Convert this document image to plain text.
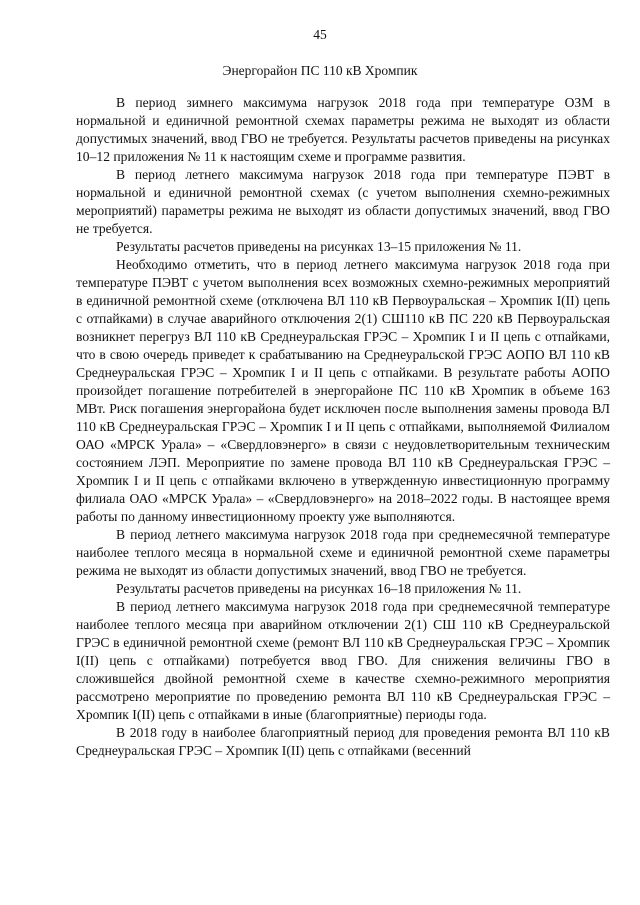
45
Энергорайон ПС 110 кВ Хромпик

В период зимнего максимума нагрузок 2018 года при температуре ОЗМ в нормальной и единичной ремонтной схемах параметры режима не выходят из области допустимых значений, ввод ГВО не требуется. Результаты расчетов приведены на рисунках 10–12 приложения № 11 к настоящим схеме и программе развития.

В период летнего максимума нагрузок 2018 года при температуре ПЭВТ в нормальной и единичной ремонтной схемах (с учетом выполнения схемно-режимных мероприятий) параметры режима не выходят из области допустимых значений, ввод ГВО не требуется.

Результаты расчетов приведены на рисунках 13–15 приложения № 11.

Необходимо отметить, что в период летнего максимума нагрузок 2018 года при температуре ПЭВТ с учетом выполнения всех возможных схемно-режимных мероприятий в единичной ремонтной схеме (отключена ВЛ 110 кВ Первоуральская – Хромпик I(II) цепь с отпайками) в случае аварийного отключения 2(1) СШ110 кВ ПС 220 кВ Первоуральская возникнет перегруз ВЛ 110 кВ Среднеуральская ГРЭС – Хромпик I и II цепь с отпайками, что в свою очередь приведет к срабатыванию на Среднеуральской ГРЭС АОПО ВЛ 110 кВ Среднеуральская ГРЭС – Хромпик I и II цепь с отпайками. В результате работы АОПО произойдет погашение потребителей в энергорайоне ПС 110 кВ Хромпик в объеме 163 МВт. Риск погашения энергорайона будет исключен после выполнения замены провода ВЛ 110 кВ Среднеуральская ГРЭС – Хромпик I и II цепь с отпайками, выполняемой Филиалом ОАО «МРСК Урала» – «Свердловэнерго» в связи с неудовлетворительным техническим состоянием ЛЭП. Мероприятие по замене провода ВЛ 110 кВ Среднеуральская ГРЭС – Хромпик I и II цепь с отпайками включено в утвержденную инвестиционную программу филиала ОАО «МРСК Урала» – «Свердловэнерго» на 2018–2022 годы. В настоящее время работы по данному инвестиционному проекту уже выполняются.

В период летнего максимума нагрузок 2018 года при среднемесячной температуре наиболее теплого месяца в нормальной схеме и единичной ремонтной схеме параметры режима не выходят из области допустимых значений, ввод ГВО не требуется.

Результаты расчетов приведены на рисунках 16–18 приложения № 11.

В период летнего максимума нагрузок 2018 года при среднемесячной температуре наиболее теплого месяца при аварийном отключении 2(1) СШ 110 кВ Среднеуральской ГРЭС в единичной ремонтной схеме (ремонт ВЛ 110 кВ Среднеуральская ГРЭС – Хромпик I(II) цепь с отпайками) потребуется ввод ГВО. Для снижения величины ГВО в сложившейся двойной ремонтной схеме в качестве схемно-режимного мероприятия рассмотрено мероприятие по проведению ремонта ВЛ 110 кВ Среднеуральская ГРЭС – Хромпик I(II) цепь с отпайками в иные (благоприятные) периоды года.

В 2018 году в наиболее благоприятный период для проведения ремонта ВЛ 110 кВ Среднеуральская ГРЭС – Хромпик I(II) цепь с отпайками (весенний
